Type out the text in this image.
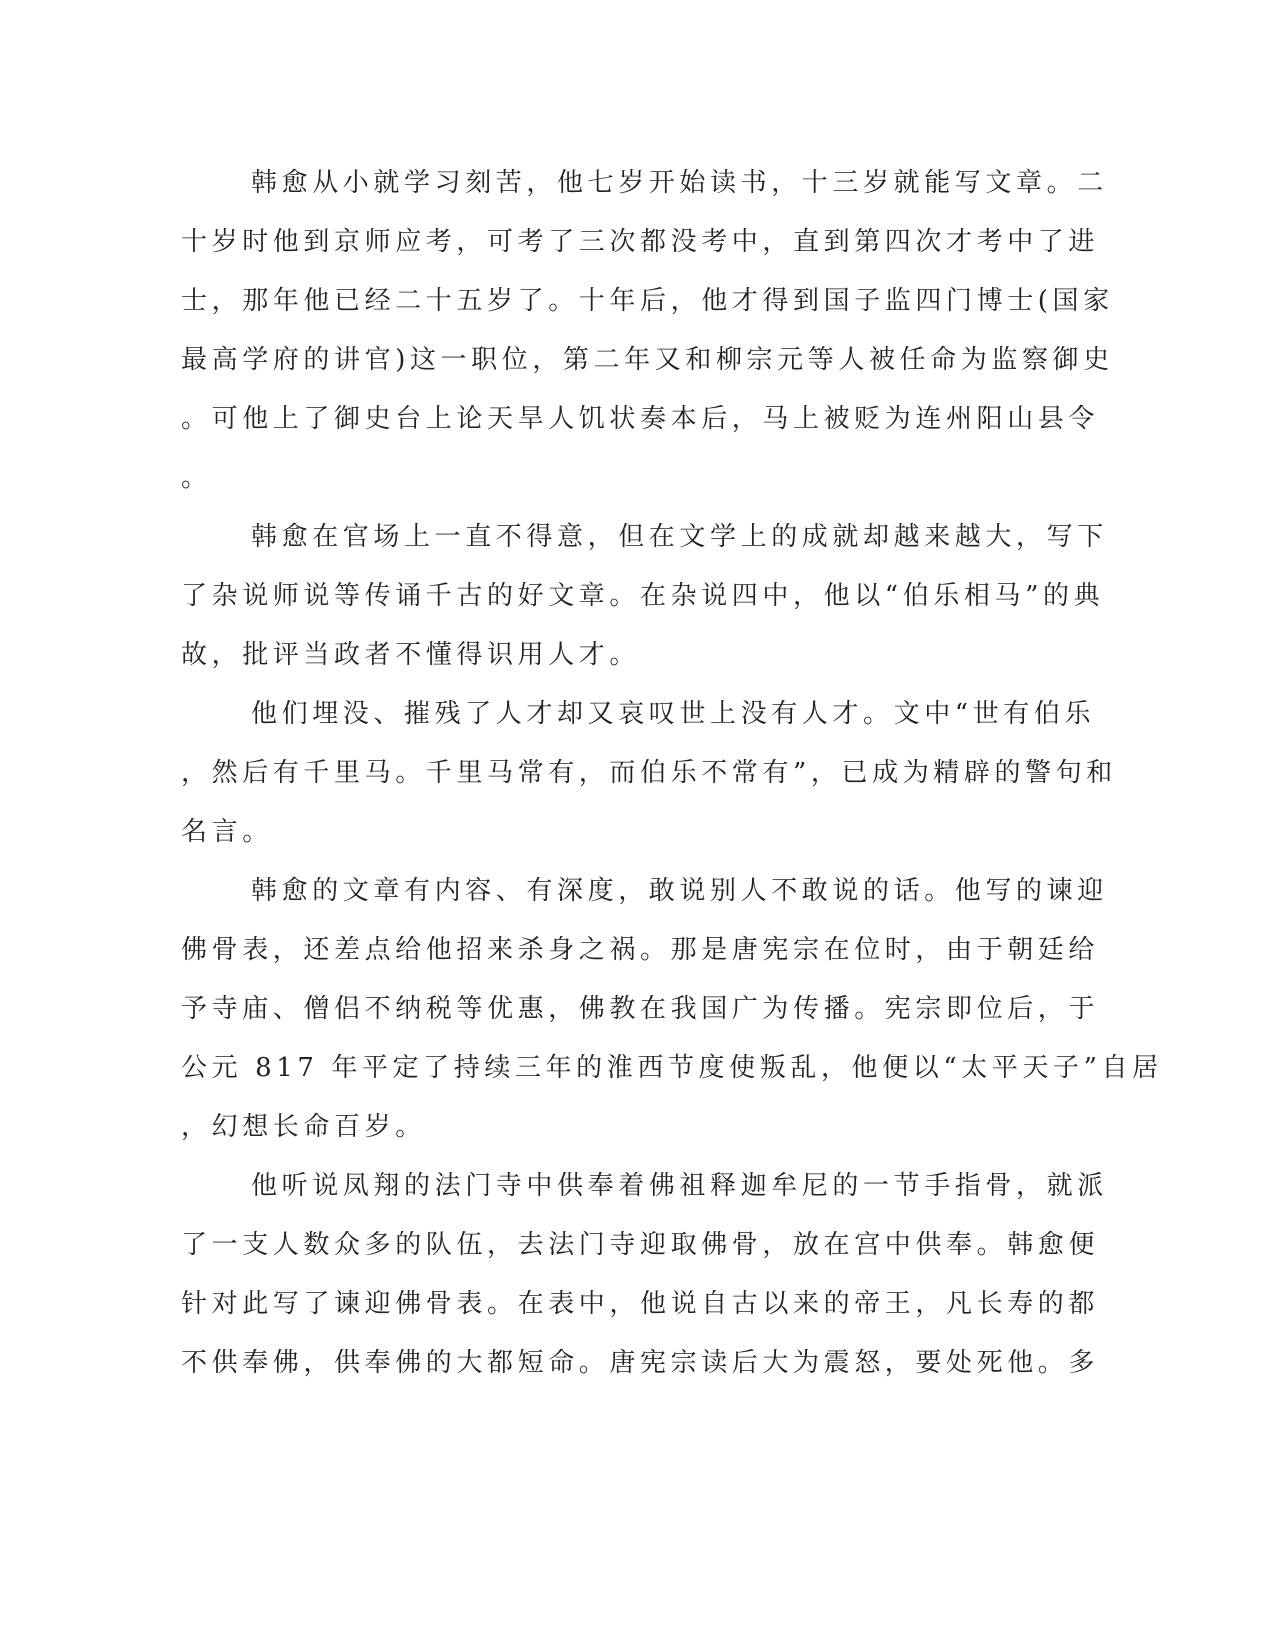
韩愈从小就学习刻苦，他七岁开始读书，十三岁就能写文章。二
十岁时他到京师应考，可考了三次都没考中，直到第四次才考中了进
士，那年他已经二十五岁了。十年后，他才得到国子监四门博士(国家
最高学府的讲官)这一职位，第二年又和柳宗元等人被任命为监察御史
。可他上了御史台上论天旱人饥状奏本后，马上被贬为连州阳山县令
。
韩愈在官场上一直不得意，但在文学上的成就却越来越大，写下
了杂说师说等传诵千古的好文章。在杂说四中，他以“伯乐相马”的典
故，批评当政者不懂得识用人才。
他们埋没、摧残了人才却又哀叹世上没有人才。文中“世有伯乐
，然后有千里马。千里马常有，而伯乐不常有”，已成为精辟的警句和
名言。
韩愈的文章有内容、有深度，敢说别人不敢说的话。他写的谏迎
佛骨表，还差点给他招来杀身之祸。那是唐宪宗在位时，由于朝廷给
予寺庙、僧侣不纳税等优惠，佛教在我国广为传播。宪宗即位后，于
公元 817 年平定了持续三年的淮西节度使叛乱，他便以“太平天子”自居
，幻想长命百岁。
他听说凤翔的法门寺中供奉着佛祖释迦牟尼的一节手指骨，就派
了一支人数众多的队伍，去法门寺迎取佛骨，放在宫中供奉。韩愈便
针对此写了谏迎佛骨表。在表中，他说自古以来的帝王，凡长寿的都
不供奉佛，供奉佛的大都短命。唐宪宗读后大为震怒，要处死他。多
